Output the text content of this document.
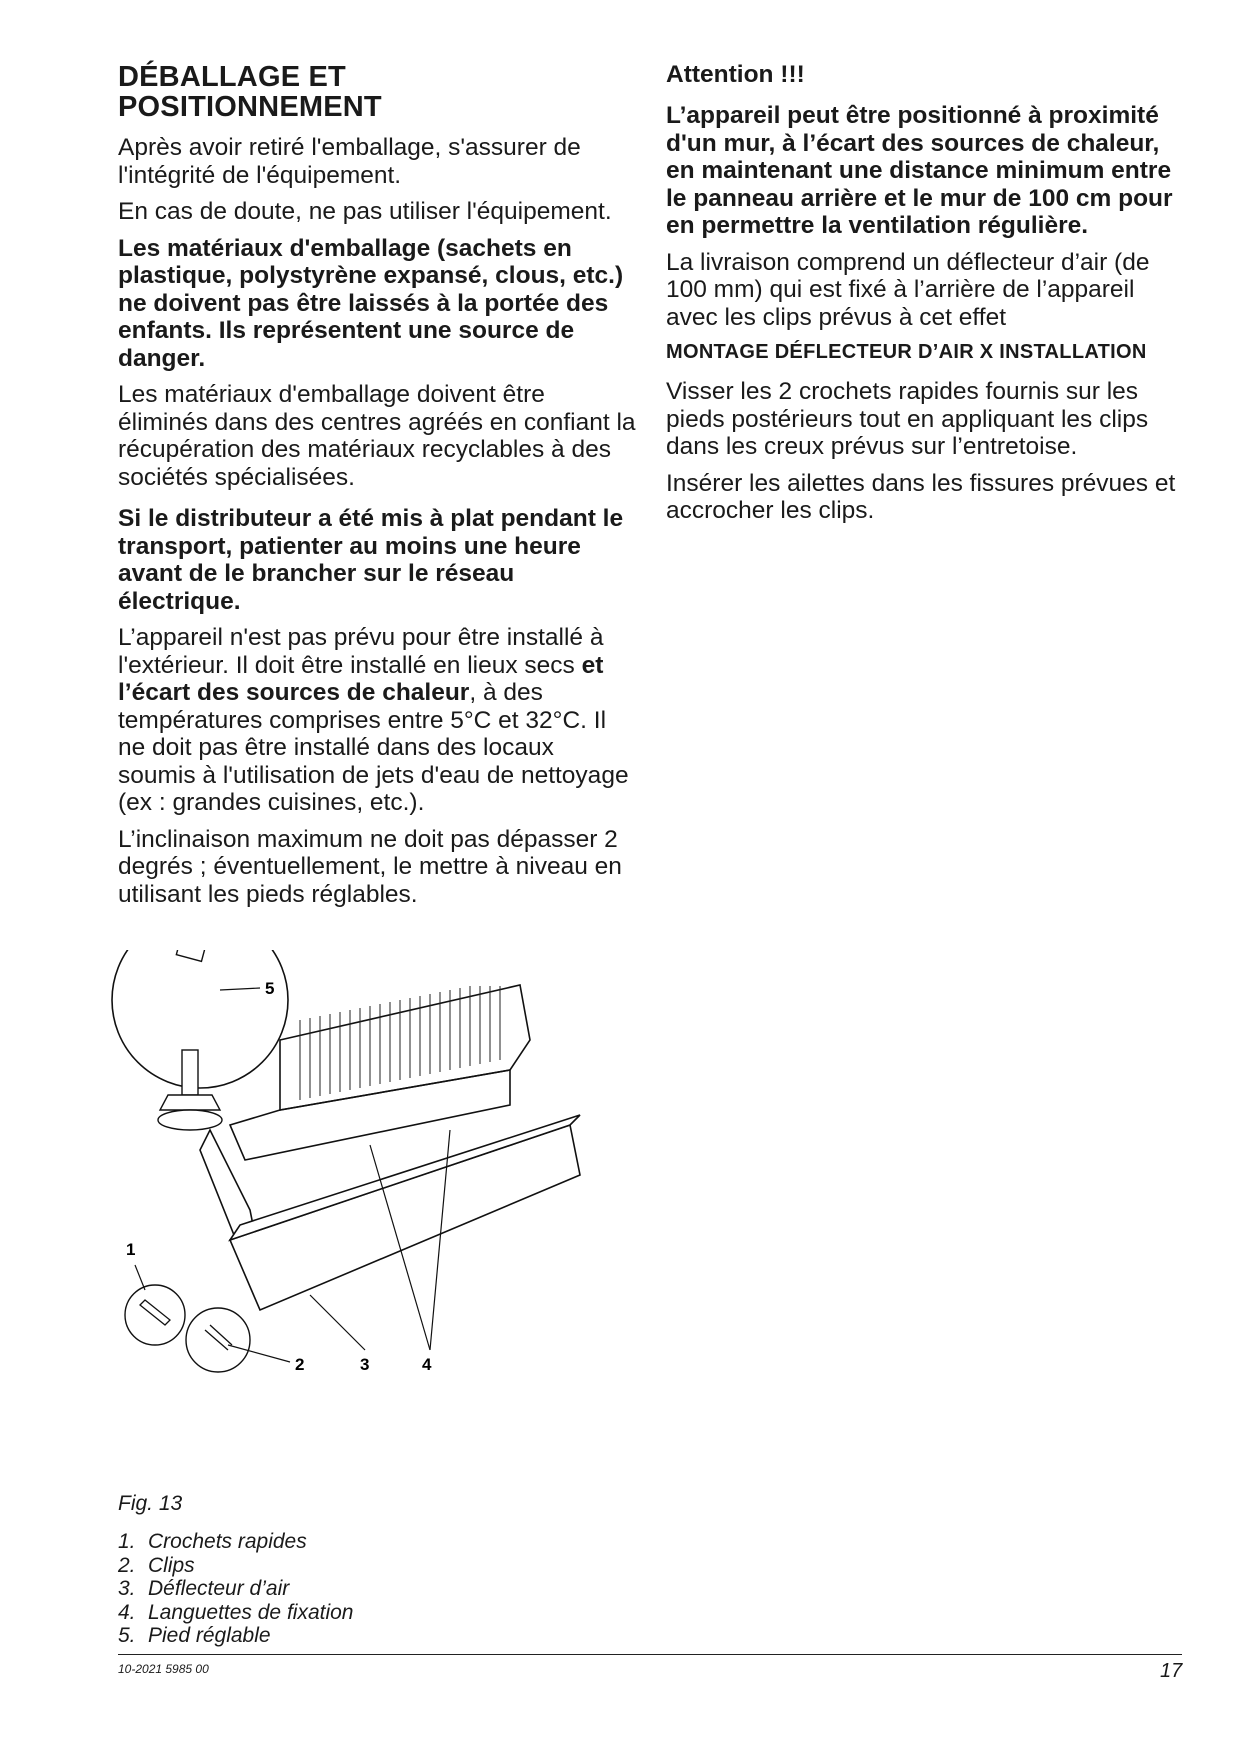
DÉBALLAGE ET
POSITIONNEMENT

Après avoir retiré l'emballage, s'assurer de l'intégrité de l'équipement.

En cas de doute, ne pas utiliser l'équipement.

Les matériaux d'emballage (sachets en plastique, polystyrène expansé, clous, etc.) ne doivent pas être laissés à la portée des enfants. Ils représentent une source de danger.

Les matériaux d'emballage doivent être éliminés dans des centres agréés en confiant la récupération des matériaux recyclables à des sociétés spécialisées.

Si le distributeur a été mis à plat pendant le transport, patienter au moins une heure avant de le brancher sur le réseau électrique.

L’appareil n'est pas prévu pour être installé à l'extérieur. Il doit être installé en lieux secs et l’écart des sources de chaleur, à des températures comprises entre 5°C et 32°C. Il ne doit pas être installé dans des locaux soumis à l'utilisation de jets d'eau de nettoyage (ex : grandes cuisines, etc.).

L’inclinaison maximum ne doit pas dépasser 2 degrés ; éventuellement, le mettre à niveau en utilisant les pieds réglables.

Attention !!!

L’appareil peut être positionné à proximité d'un mur, à l’écart des sources de chaleur, en maintenant une distance minimum entre le panneau arrière et le mur de 100 cm pour en permettre la ventilation régulière.

La livraison comprend un déflecteur d’air (de 100 mm) qui est fixé à l’arrière de l’appareil avec les clips prévus à cet effet

MONTAGE DÉFLECTEUR D’AIR X INSTALLATION

Visser les 2 crochets rapides fournis sur les pieds postérieurs tout en appliquant les clips dans les creux prévus sur l’entretoise.

Insérer les ailettes dans les fissures prévues et accrocher les clips.

1
2	3	4
5
Fig. 13
1. Crochets rapides
2. Clips
3. Déflecteur d’air
4. Languettes de fixation
5. Pied réglable
10-2021 5985 00	17
